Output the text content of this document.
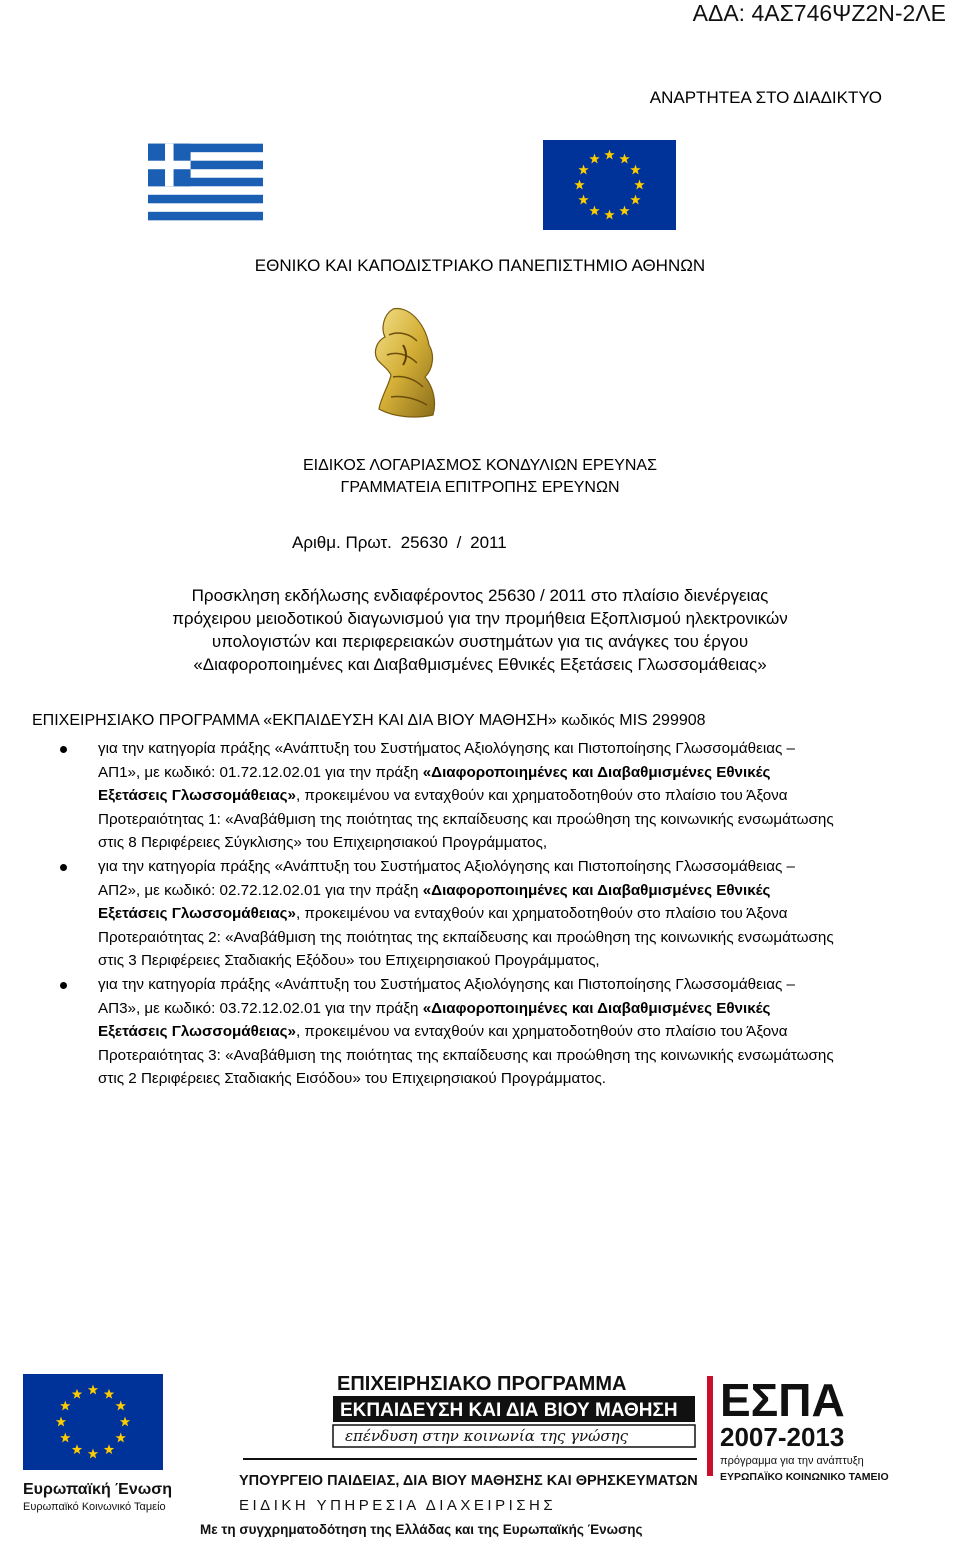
ΑΔΑ: 4ΑΣ746ΨΖ2Ν-2ΛΕ
ΑΝΑΡΤΗΤΕΑ ΣΤΟ ΔΙΑΔΙΚΤΥΟ
ΕΘΝΙΚΟ ΚΑΙ ΚΑΠΟΔΙΣΤΡΙΑΚΟ ΠΑΝΕΠΙΣΤΗΜΙΟ ΑΘΗΝΩΝ
ΕΙΔΙΚΟΣ ΛΟΓΑΡΙΑΣΜΟΣ ΚΟΝΔΥΛΙΩΝ ΕΡΕΥΝΑΣ
ΓΡΑΜΜΑΤΕΙΑ ΕΠΙΤΡΟΠΗΣ ΕΡΕΥΝΩΝ
Αριθμ. Πρωτ. 25630 / 2011
Πρoσκληση εκδήλωσης ενδιαφέροντος 25630 / 2011 στο πλαίσιο διενέργειας
πρόχειρου μειοδοτικού διαγωνισμού για την προμήθεια Εξοπλισμού ηλεκτρονικών
υπολογιστών και περιφερειακών συστημάτων για τις ανάγκες του έργου
«Διαφοροποιημένες και Διαβαθμισμένες Εθνικές Εξετάσεις Γλωσσομάθειας»
ΕΠΙΧΕΙΡΗΣΙΑΚΟ ΠΡΟΓΡΑΜΜΑ «ΕΚΠΑΙΔΕΥΣΗ ΚΑΙ ΔΙΑ ΒΙΟΥ ΜΑΘΗΣΗ» κωδικός MIS 299908
για την κατηγορία πράξης «Ανάπτυξη του Συστήματος Αξιολόγησης και Πιστοποίησης Γλωσσομάθειας – ΑΠ1», με κωδικό: 01.72.12.02.01 για την πράξη «Διαφοροποιημένες και Διαβαθμισμένες Εθνικές Εξετάσεις Γλωσσομάθειας», προκειμένου να ενταχθούν και χρηματοδοτηθούν στο πλαίσιο του Άξονα Προτεραιότητας 1: «Αναβάθμιση της ποιότητας της εκπαίδευσης και προώθηση της κοινωνικής ενσωμάτωσης στις 8 Περιφέρειες Σύγκλισης» του Επιχειρησιακού Προγράμματος,
για την κατηγορία πράξης «Ανάπτυξη του Συστήματος Αξιολόγησης και Πιστοποίησης Γλωσσομάθειας – ΑΠ2», με κωδικό: 02.72.12.02.01 για την πράξη «Διαφοροποιημένες και Διαβαθμισμένες Εθνικές Εξετάσεις Γλωσσομάθειας», προκειμένου να ενταχθούν και χρηματοδοτηθούν στο πλαίσιο του Άξονα Προτεραιότητας 2: «Αναβάθμιση της ποιότητας της εκπαίδευσης και προώθηση της κοινωνικής ενσωμάτωσης στις 3 Περιφέρειες Σταδιακής Εξόδου» του Επιχειρησιακού Προγράμματος,
για την κατηγορία πράξης «Ανάπτυξη του Συστήματος Αξιολόγησης και Πιστοποίησης Γλωσσομάθειας – ΑΠ3», με κωδικό: 03.72.12.02.01 για την πράξη «Διαφοροποιημένες και Διαβαθμισμένες Εθνικές Εξετάσεις Γλωσσομάθειας», προκειμένου να ενταχθούν και χρηματοδοτηθούν στο πλαίσιο του Άξονα Προτεραιότητας 3: «Αναβάθμιση της ποιότητας της εκπαίδευσης και προώθηση της κοινωνικής ενσωμάτωσης στις 2 Περιφέρειες Σταδιακής Εισόδου» του Επιχειρησιακού Προγράμματος.
Ευρωπαϊκή Ένωση
Ευρωπαϊκό Κοινωνικό Ταμείο
ΕΠΙΧΕΙΡΗΣΙΑΚΟ ΠΡΟΓΡΑΜΜΑ
ΕΚΠΑΙΔΕΥΣΗ ΚΑΙ ΔΙΑ ΒΙΟΥ ΜΑΘΗΣΗ
επένδυση στην κοινωνία της γνώσης
ΥΠΟΥΡΓΕΙΟ ΠΑΙΔΕΙΑΣ, ΔΙΑ ΒΙΟΥ ΜΑΘΗΣΗΣ ΚΑΙ ΘΡΗΣΚΕΥΜΑΤΩΝ
ΕΙΔΙΚΗ ΥΠΗΡΕΣΙΑ ΔΙΑΧΕΙΡΙΣΗΣ
Με τη συγχρηματοδότηση της Ελλάδας και της Ευρωπαϊκής Ένωσης
ΕΣΠΑ
2007-2013
πρόγραμμα για την ανάπτυξη
ΕΥΡΩΠΑΪΚΟ ΚΟΙΝΩΝΙΚΟ ΤΑΜΕΙΟ
